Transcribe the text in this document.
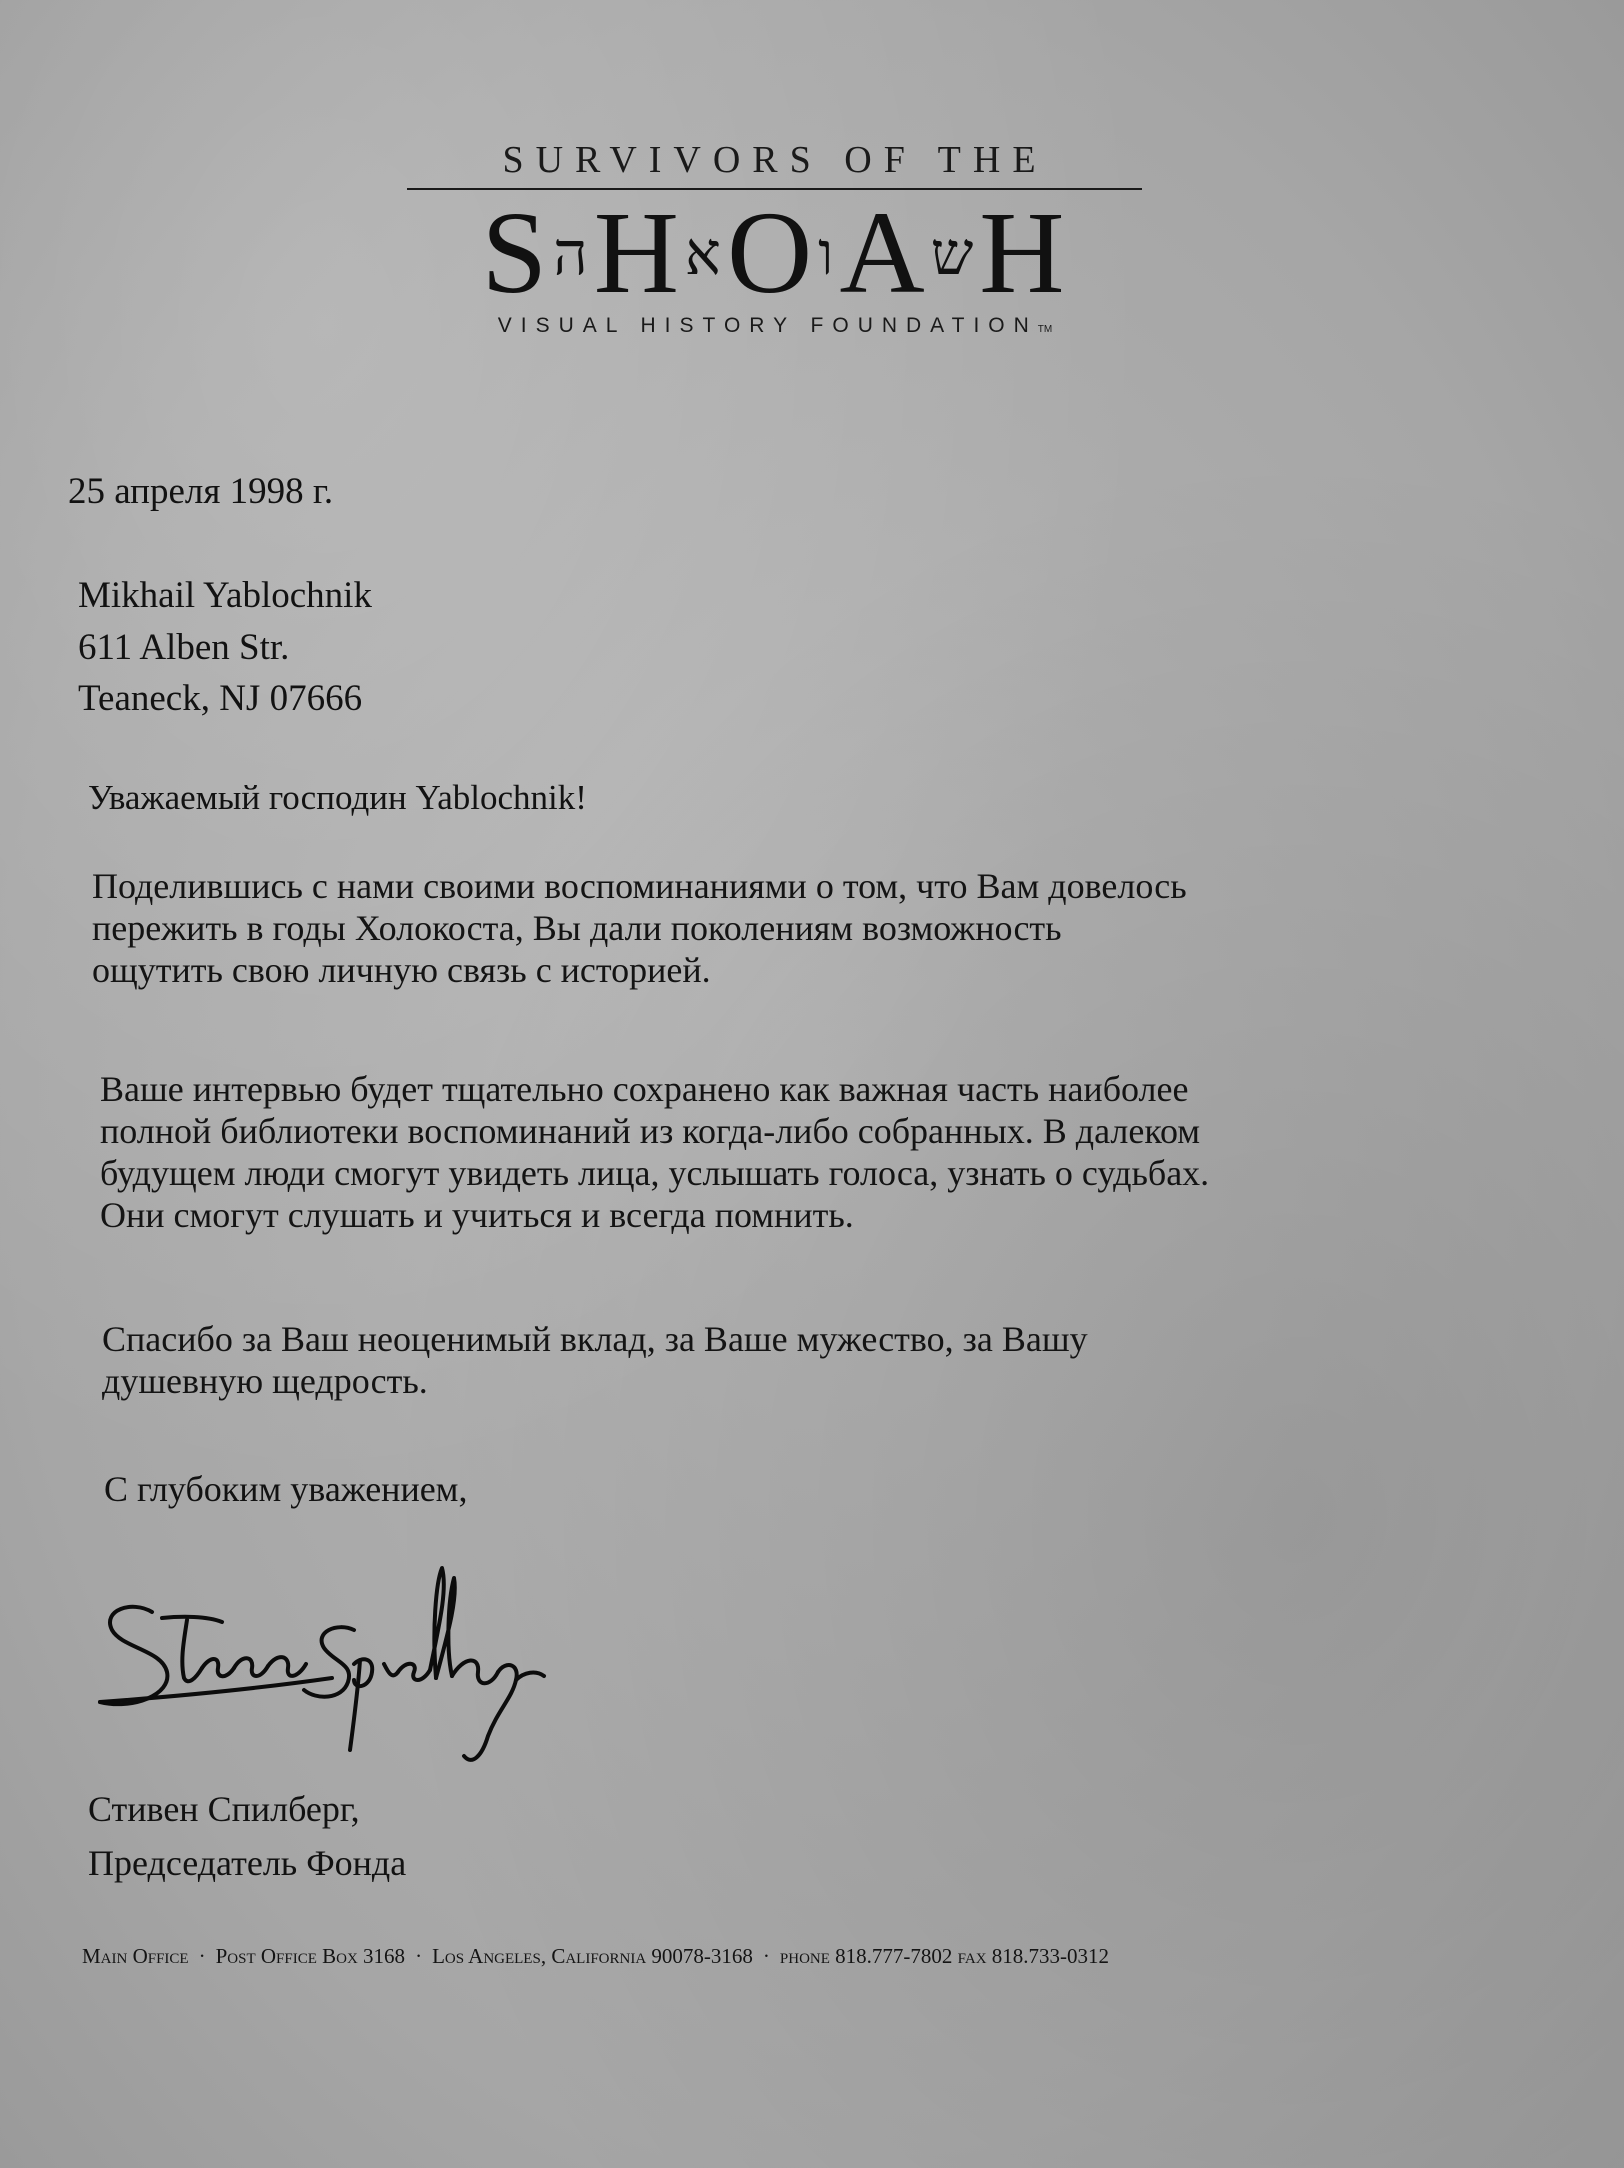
SURVIVORS OF THE
SהHאOוAשH
VISUAL HISTORY FOUNDATIONTM
25 апреля 1998 г.
Mikhail Yablochnik
611 Alben Str.
Teaneck, NJ 07666
Уважаемый господин Yablochnik!
Поделившись с нами своими воспоминаниями о том, что Вам довелось
пережить в годы Холокоста, Вы дали поколениям возможность
ощутить свою личную связь с историей.
Ваше интервью будет тщательно сохранено как важная часть наиболее
полной библиотеки воспоминаний из когда-либо собранных. В далеком
будущем люди смогут увидеть лица, услышать голоса, узнать о судьбах.
Они смогут слушать и учиться и всегда помнить.
Спасибо за Ваш неоценимый вклад, за Ваше мужество, за Вашу
душевную щедрость.
С глубоким уважением,
Стивен Спилберг,
Председатель Фонда
Main Office · Post Office Box 3168 · Los Angeles, California 90078-3168 · phone 818.777-7802 fax 818.733-0312
